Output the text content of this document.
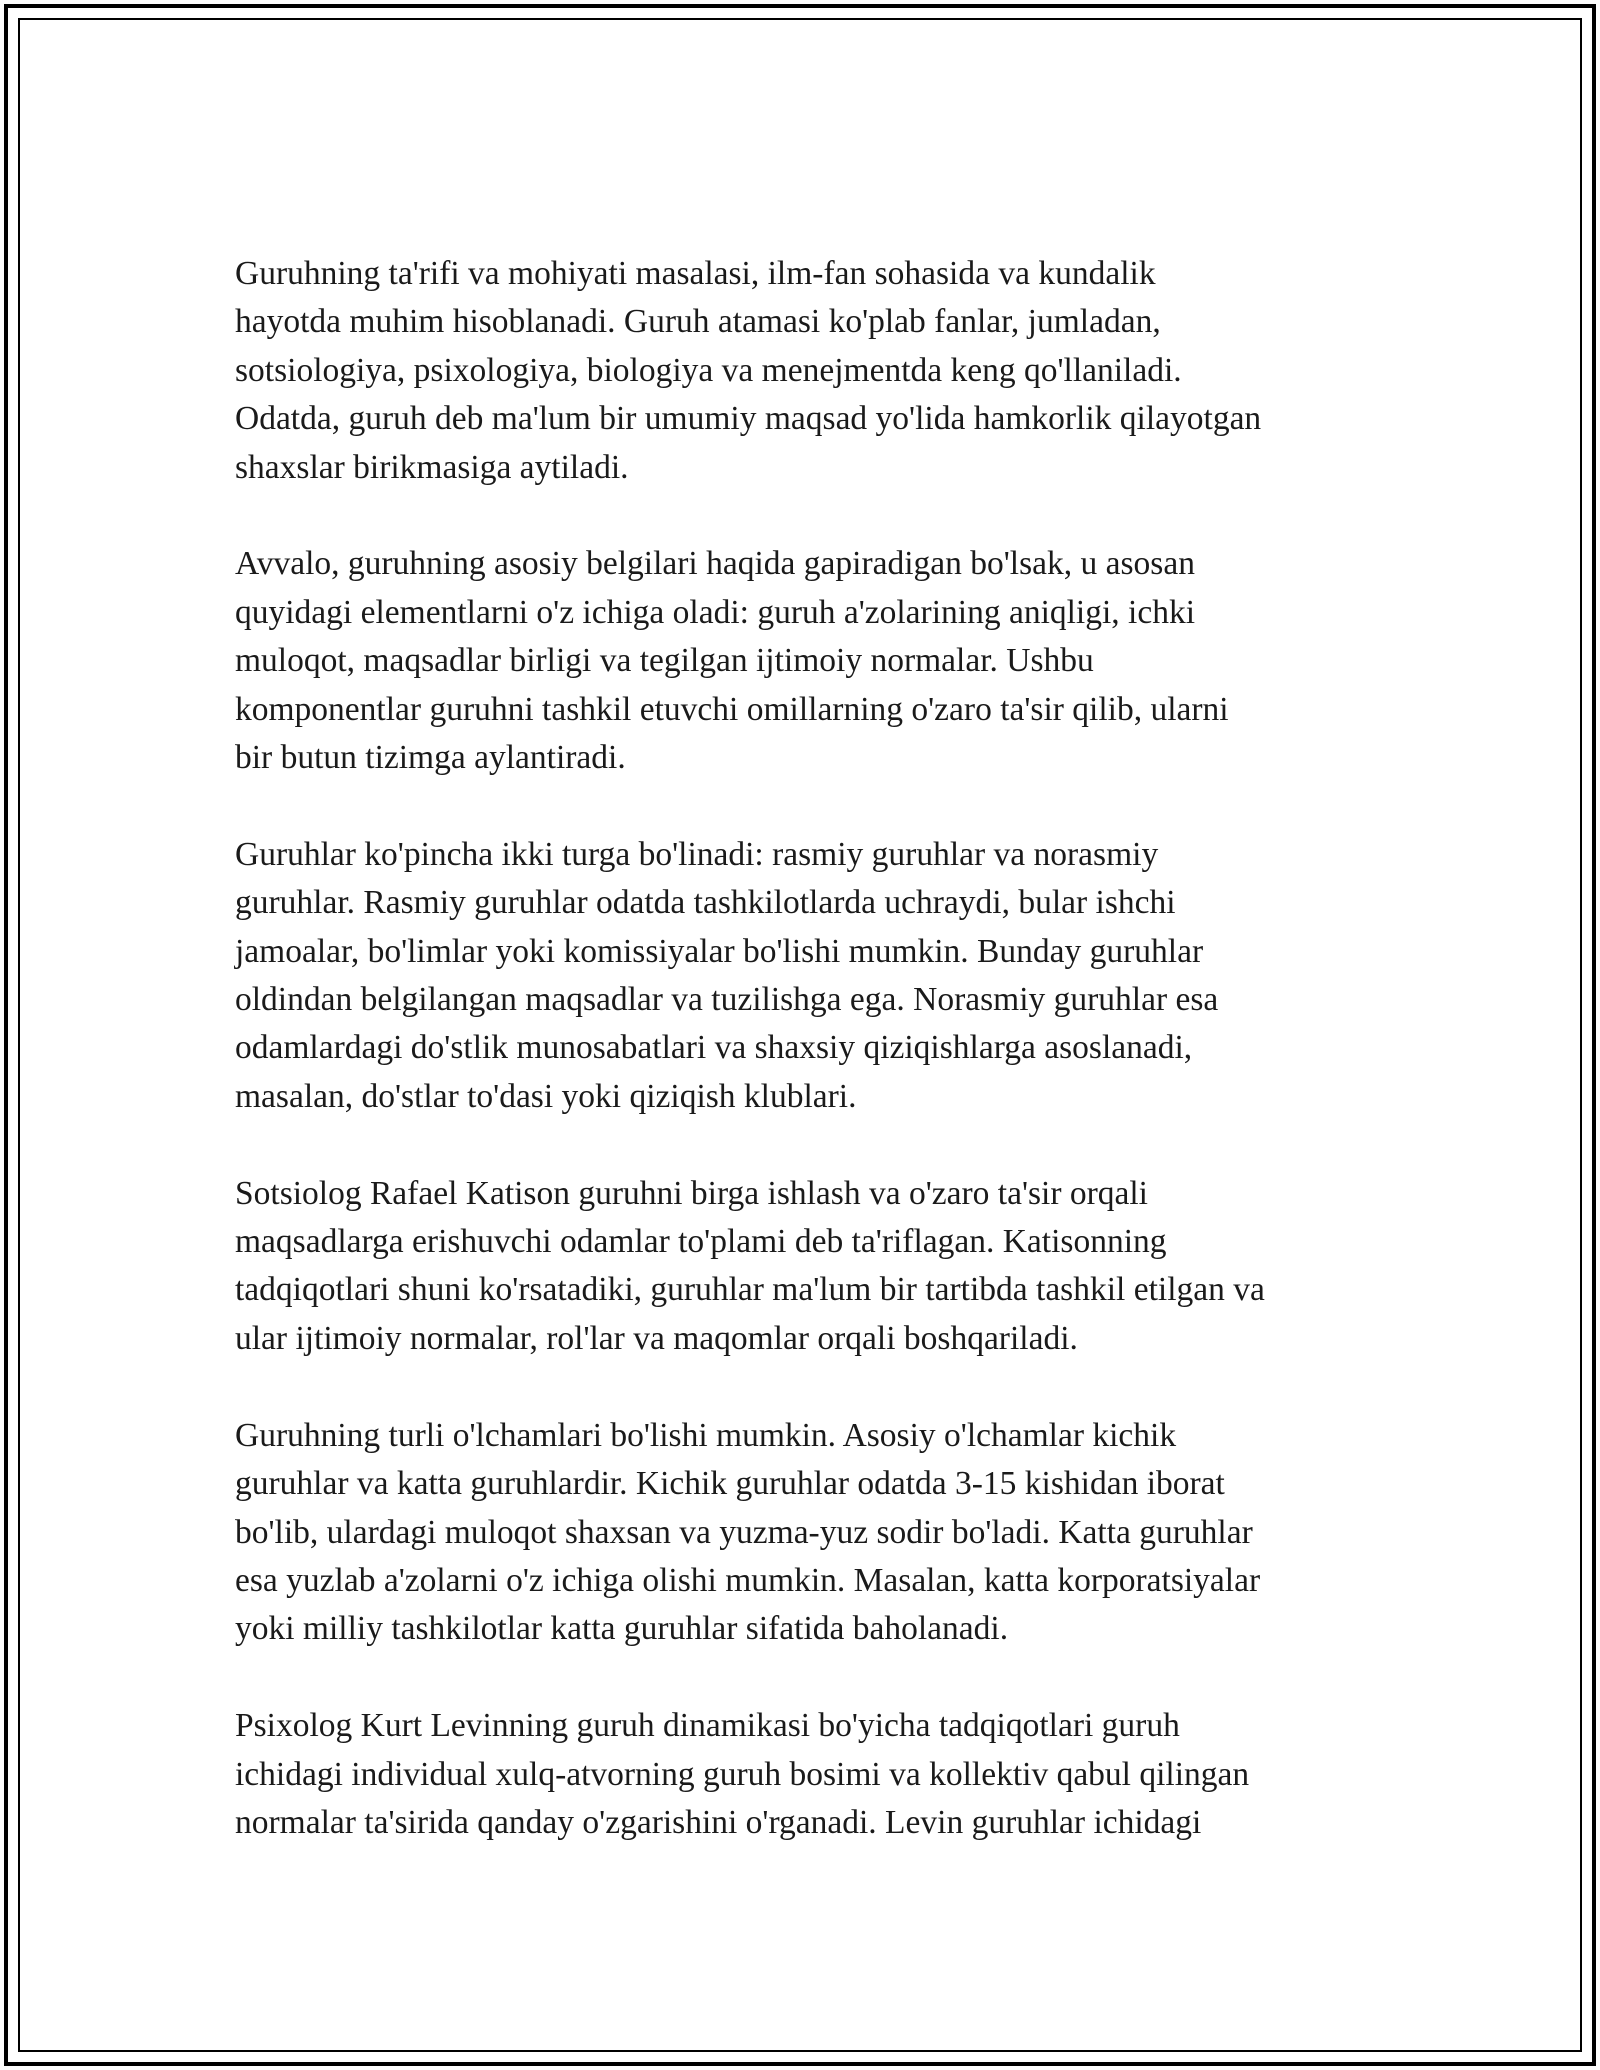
Guruhning ta'rifi va mohiyati masalasi, ilm-fan sohasida va kundalik
hayotda muhim hisoblanadi. Guruh atamasi ko'plab fanlar, jumladan,
sotsiologiya, psixologiya, biologiya va menejmentda keng qo'llaniladi.
Odatda, guruh deb ma'lum bir umumiy maqsad yo'lida hamkorlik qilayotgan
shaxslar birikmasiga aytiladi.

Avvalo, guruhning asosiy belgilari haqida gapiradigan bo'lsak, u asosan
quyidagi elementlarni o'z ichiga oladi: guruh a'zolarining aniqligi, ichki
muloqot, maqsadlar birligi va tegilgan ijtimoiy normalar. Ushbu
komponentlar guruhni tashkil etuvchi omillarning o'zaro ta'sir qilib, ularni
bir butun tizimga aylantiradi.

Guruhlar ko'pincha ikki turga bo'linadi: rasmiy guruhlar va norasmiy
guruhlar. Rasmiy guruhlar odatda tashkilotlarda uchraydi, bular ishchi
jamoalar, bo'limlar yoki komissiyalar bo'lishi mumkin. Bunday guruhlar
oldindan belgilangan maqsadlar va tuzilishga ega. Norasmiy guruhlar esa
odamlardagi do'stlik munosabatlari va shaxsiy qiziqishlarga asoslanadi,
masalan, do'stlar to'dasi yoki qiziqish klublari.

Sotsiolog Rafael Katison guruhni birga ishlash va o'zaro ta'sir orqali
maqsadlarga erishuvchi odamlar to'plami deb ta'riflagan. Katisonning
tadqiqotlari shuni ko'rsatadiki, guruhlar ma'lum bir tartibda tashkil etilgan va
ular ijtimoiy normalar, rol'lar va maqomlar orqali boshqariladi.

Guruhning turli o'lchamlari bo'lishi mumkin. Asosiy o'lchamlar kichik
guruhlar va katta guruhlardir. Kichik guruhlar odatda 3-15 kishidan iborat
bo'lib, ulardagi muloqot shaxsan va yuzma-yuz sodir bo'ladi. Katta guruhlar
esa yuzlab a'zolarni o'z ichiga olishi mumkin. Masalan, katta korporatsiyalar
yoki milliy tashkilotlar katta guruhlar sifatida baholanadi.

Psixolog Kurt Levinning guruh dinamikasi bo'yicha tadqiqotlari guruh
ichidagi individual xulq-atvorning guruh bosimi va kollektiv qabul qilingan
normalar ta'sirida qanday o'zgarishini o'rganadi. Levin guruhlar ichidagi
